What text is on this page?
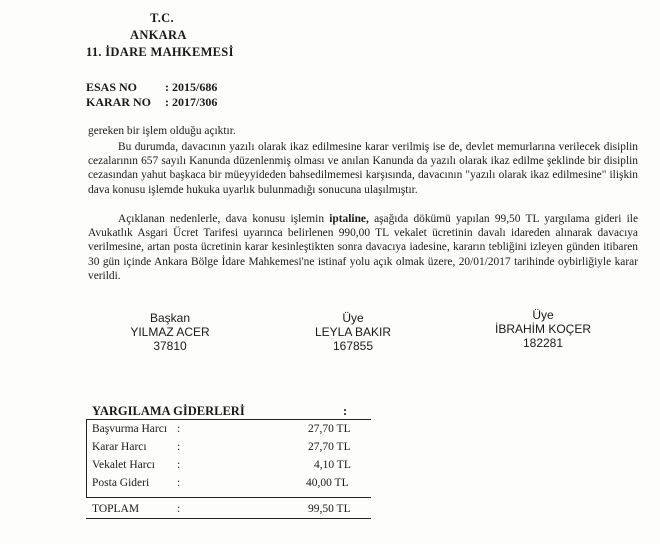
T.C.
ANKARA
11. İDARE MAHKEMESİ
ESAS NO : 2015/686
KARAR NO : 2017/306
gereken bir işlem olduğu açıktır.
Bu durumda, davacının yazılı olarak ikaz edilmesine karar verilmiş ise de, devlet memurlarına verilecek disiplin cezalarının 657 sayılı Kanunda düzenlenmiş olması ve anılan Kanunda da yazılı olarak ikaz edilme şeklinde bir disiplin cezasından yahut başkaca bir müeyyideden bahsedilmemesi karşısında, davacının "yazılı olarak ikaz edilmesine" ilişkin dava konusu işlemde hukuka uyarlık bulunmadığı sonucuna ulaşılmıştır.
Açıklanan nedenlerle, dava konusu işlemin iptaline, aşağıda dökümü yapılan 99,50 TL yargılama gideri ile Avukatlık Asgari Ücret Tarifesi uyarınca belirlenen 990,00 TL vekalet ücretinin davalı idareden alınarak davacıya verilmesine, artan posta ücretinin karar kesinleştikten sonra davacıya iadesine, kararın tebliğini izleyen günden itibaren 30 gün içinde Ankara Bölge İdare Mahkemesi'ne istinaf yolu açık olmak üzere, 20/01/2017 tarihinde oybirliğiyle karar verildi.
Başkan
YILMAZ ACER
37810
Üye
LEYLA BAKIR
167855
Üye
İBRAHİM KOÇER
182281
YARGILAMA GİDERLERİ	:
Başvurma Harcı :	27,70 TL
Karar Harcı	:	27,70 TL
Vekalet Harcı :	4,10 TL
Posta Gideri :	40,00 TL
TOPLAM	:	99,50 TL
